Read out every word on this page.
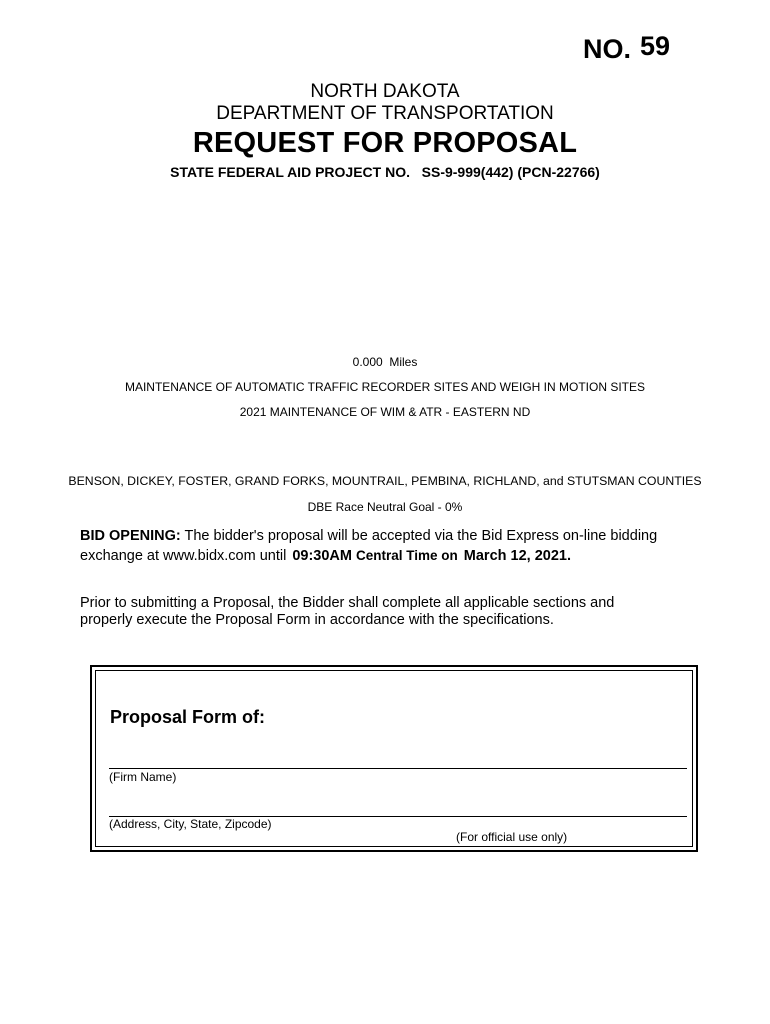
NO. 59
NORTH DAKOTA
DEPARTMENT OF TRANSPORTATION
REQUEST FOR PROPOSAL
STATE FEDERAL AID PROJECT NO.   SS-9-999(442) (PCN-22766)
0.000  Miles
MAINTENANCE OF AUTOMATIC TRAFFIC RECORDER SITES AND WEIGH IN MOTION SITES
2021 MAINTENANCE OF WIM & ATR - EASTERN ND
BENSON, DICKEY, FOSTER, GRAND FORKS, MOUNTRAIL, PEMBINA, RICHLAND, and STUTSMAN COUNTIES
DBE Race Neutral Goal - 0%
BID OPENING: The bidder's proposal will be accepted via the Bid Express on-line bidding
exchange at www.bidx.com until 09:30AM Central Time on March 12, 2021.
Prior to submitting a Proposal, the Bidder shall complete all applicable sections and
properly execute the Proposal Form in accordance with the specifications.
Proposal Form of:
(Firm Name)
(Address, City, State, Zipcode)
(For official use only)
